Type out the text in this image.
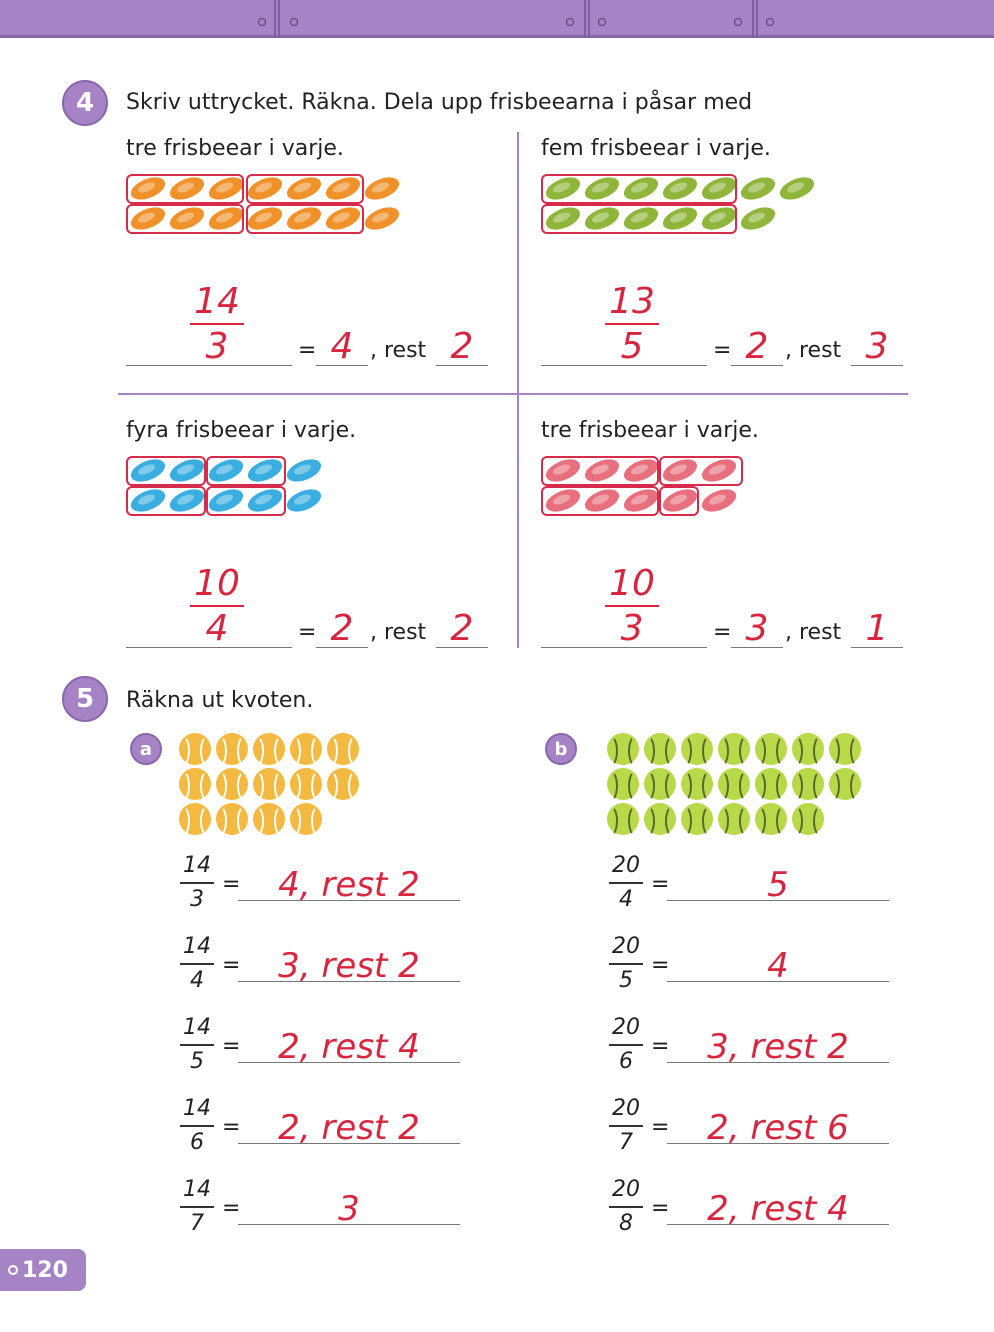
4	Skriv uttrycket. Räkna. Dela upp frisbeearna i påsar med
tre frisbeear i varje.
14
3	= 4 , rest 2
fem frisbeear i varje.
13
5	= 2 , rest 3
fyra frisbeear i varje.
10
4	= 2 , rest 2
tre frisbeear i varje.
10
3	= 3 , rest 1
5	Räkna ut kvoten.
a	b
14
3
=	4, rest 2
14
4
=	3, rest 2
14
5
=	2, rest 4
14
6
=	2, rest 2
14
7
=	3
20
4
=	5
20
5
=	4
20
6
=	3, rest 2
20
7
=	2, rest 6
20
8
=	2, rest 4
120
